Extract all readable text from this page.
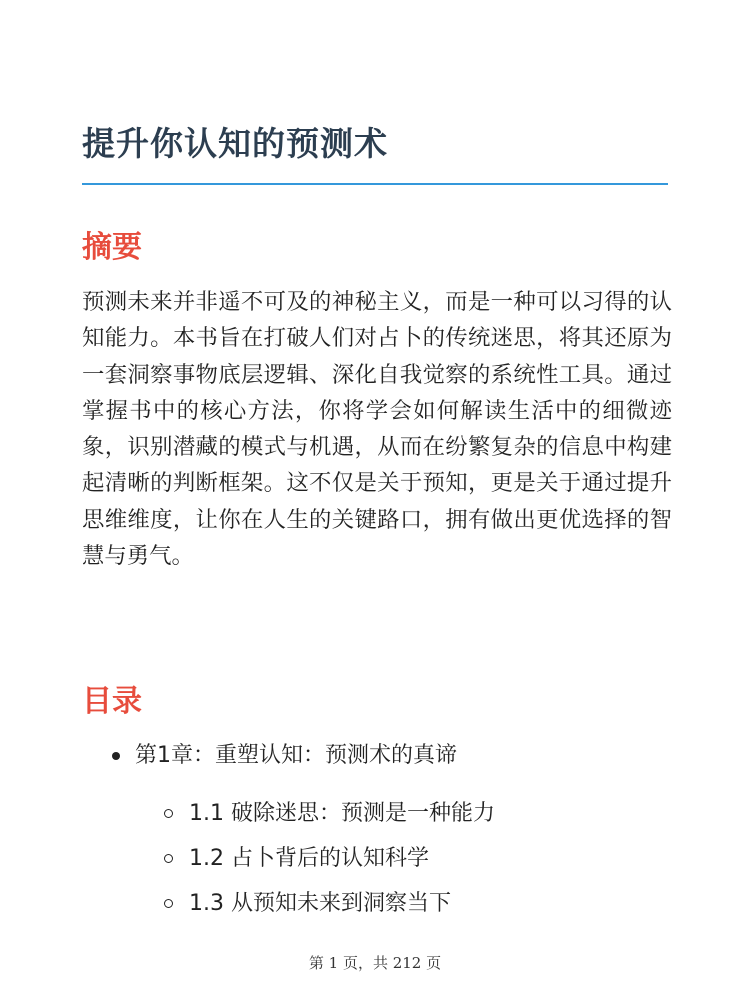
提升你认知的预测术
摘要

预测未来并非遥不可及的神秘主义，而是一种可以习得的认知能力。本书旨在打破人们对占卜的传统迷思，将其还原为一套洞察事物底层逻辑、深化自我觉察的系统性工具。通过掌握书中的核心方法，你将学会如何解读生活中的细微迹象，识别潜藏的模式与机遇，从而在纷繁复杂的信息中构建起清晰的判断框架。这不仅是关于预知，更是关于通过提升思维维度，让你在人生的关键路口，拥有做出更优选择的智慧与勇气。

目录
第1章：重塑认知：预测术的真谛
1.1 破除迷思：预测是一种能力
1.2 占卜背后的认知科学
1.3 从预知未来到洞察当下
第 1 页，共 212 页
